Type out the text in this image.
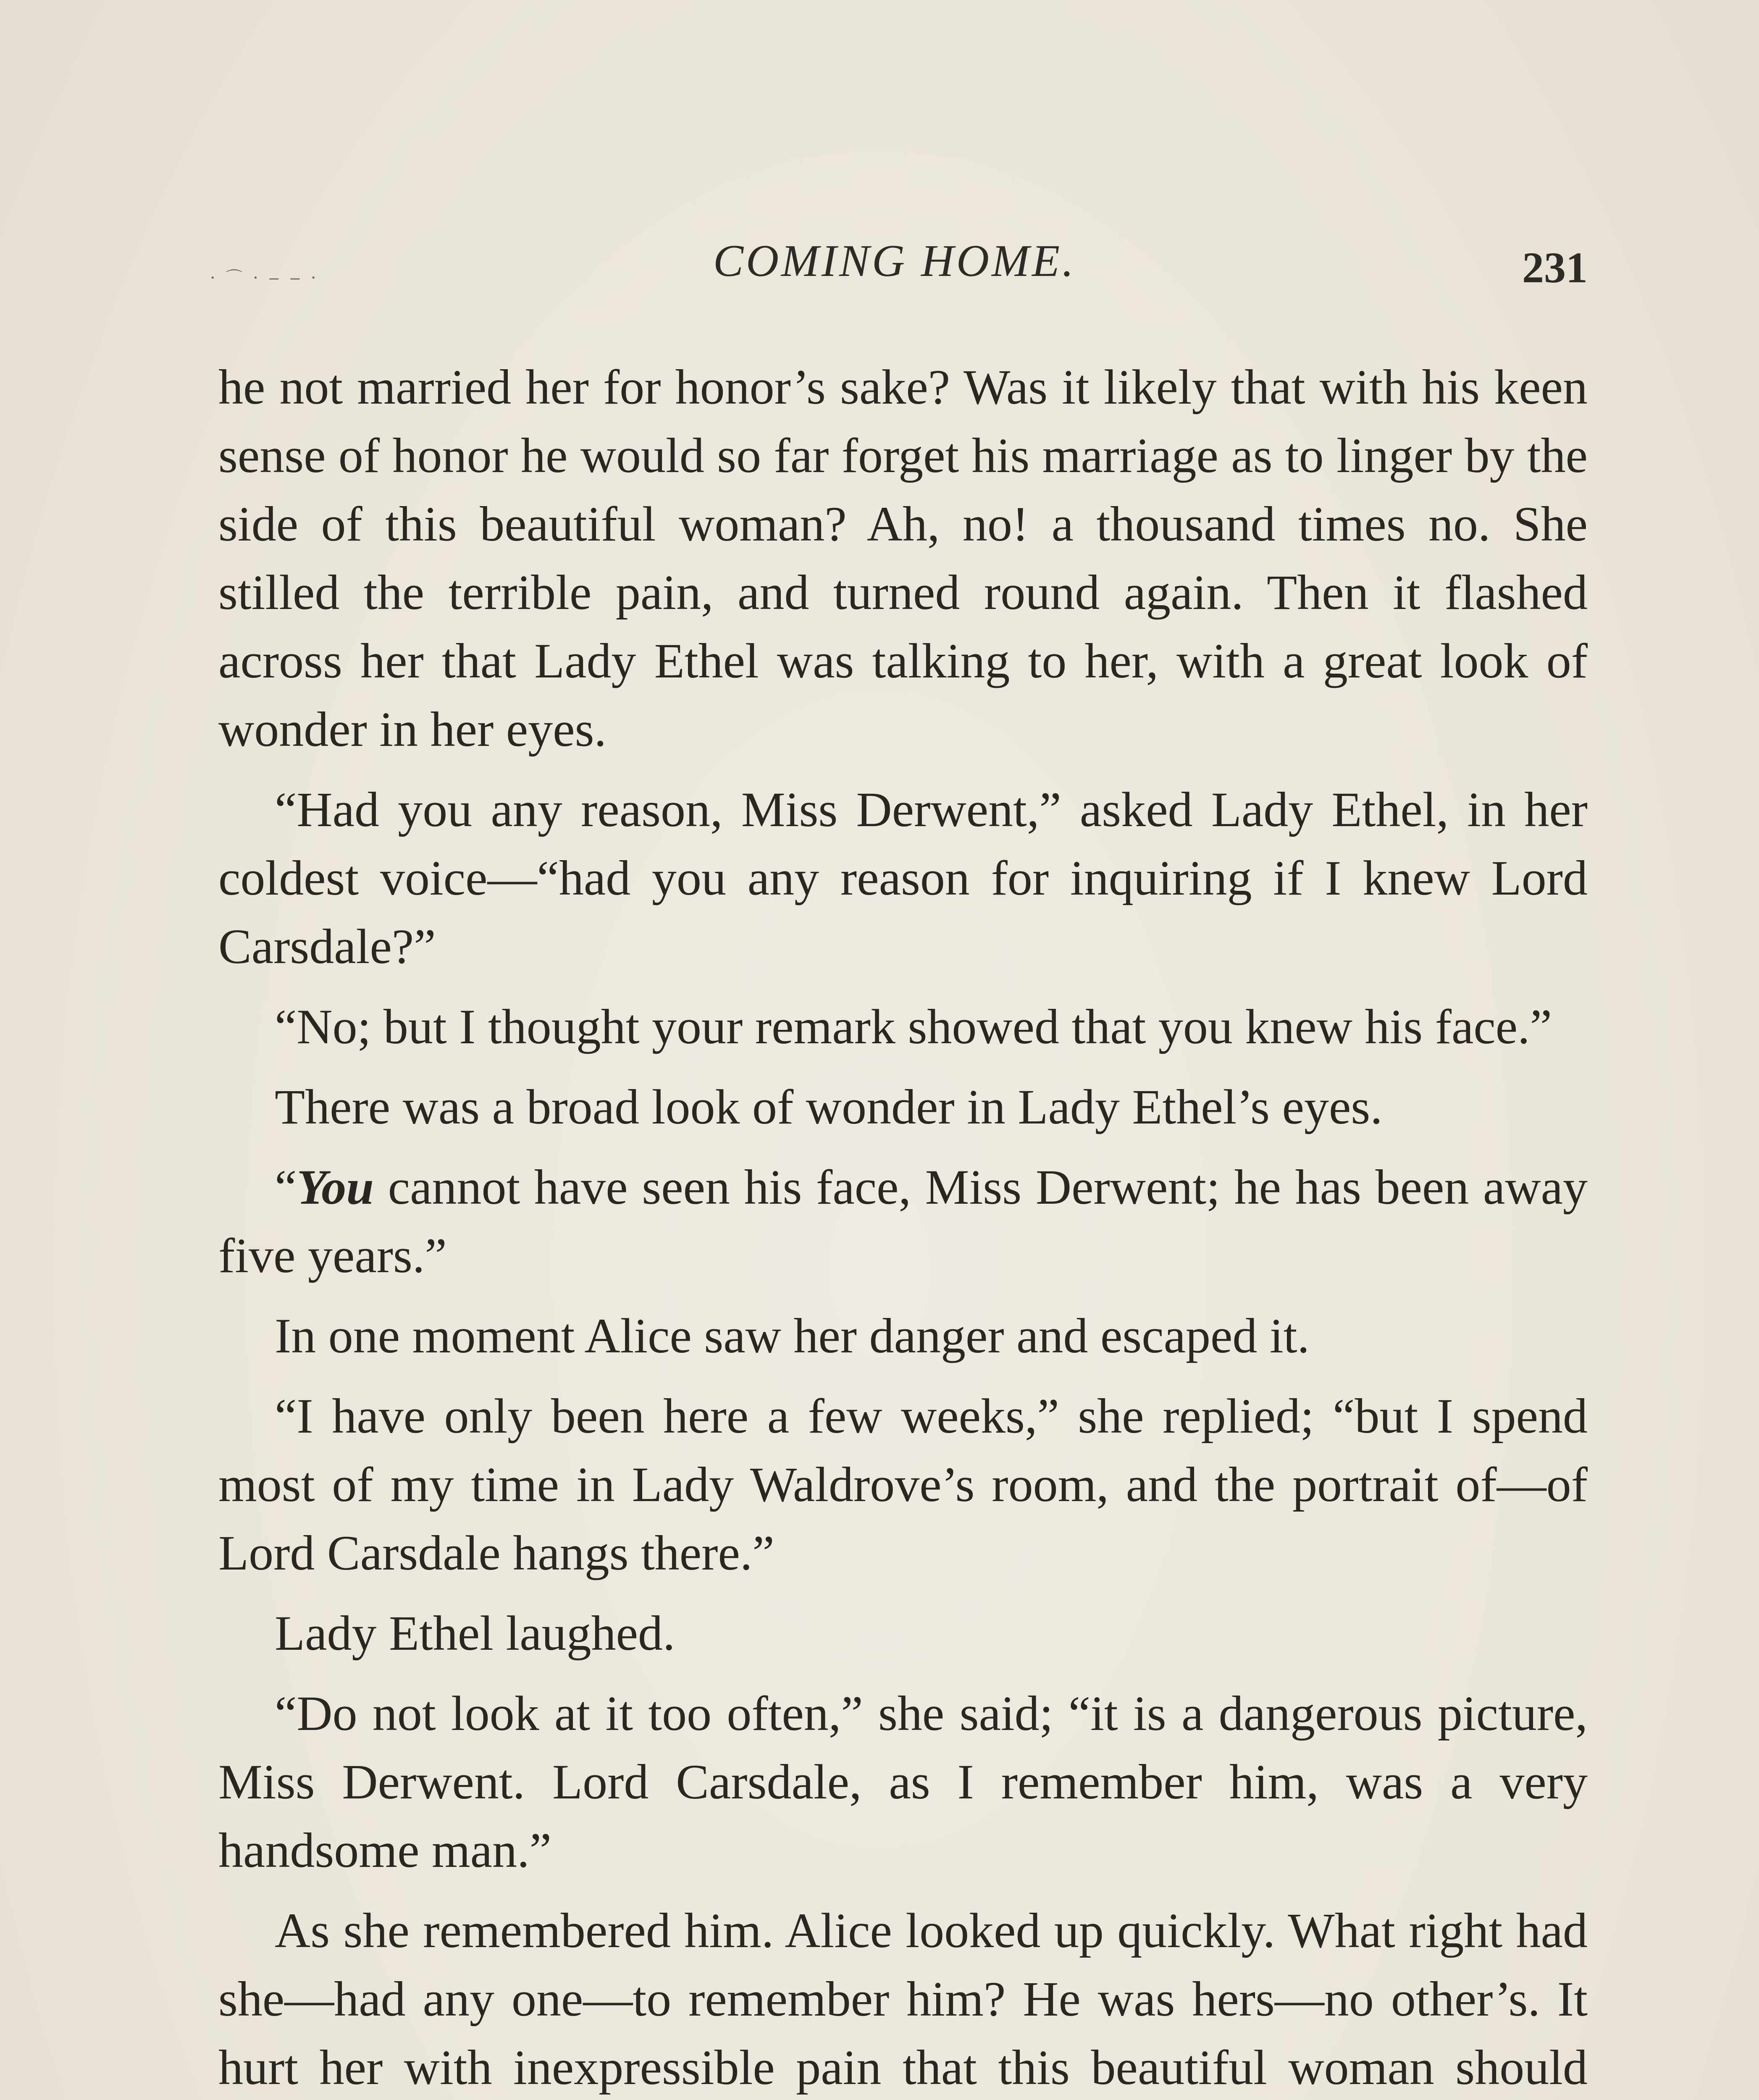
· ⌒ · ‒ ‒ ·	COMING HOME.	231

he not married her for honor’s sake? Was it likely that with his keen sense of honor he would so far forget his marriage as to linger by the side of this beautiful woman? Ah, no! a thousand times no. She stilled the terrible pain, and turned round again. Then it flashed across her that Lady Ethel was talking to her, with a great look of wonder in her eyes.

“Had you any reason, Miss Derwent,” asked Lady Ethel, in her coldest voice—“had you any reason for inquiring if I knew Lord Carsdale?”

“No; but I thought your remark showed that you knew his face.”

There was a broad look of wonder in Lady Ethel’s eyes.

“You cannot have seen his face, Miss Derwent; he has been away five years.”

In one moment Alice saw her danger and escaped it.

“I have only been here a few weeks,” she replied; “but I spend most of my time in Lady Waldrove’s room, and the portrait of—of Lord Carsdale hangs there.”

Lady Ethel laughed.

“Do not look at it too often,” she said; “it is a dangerous picture, Miss Derwent. Lord Carsdale, as I remember him, was a very handsome man.”

As she remembered him. Alice looked up quickly. What right had she—had any one—to remember him? He was hers—no other’s. It hurt her with inexpressible pain that this beautiful woman should
